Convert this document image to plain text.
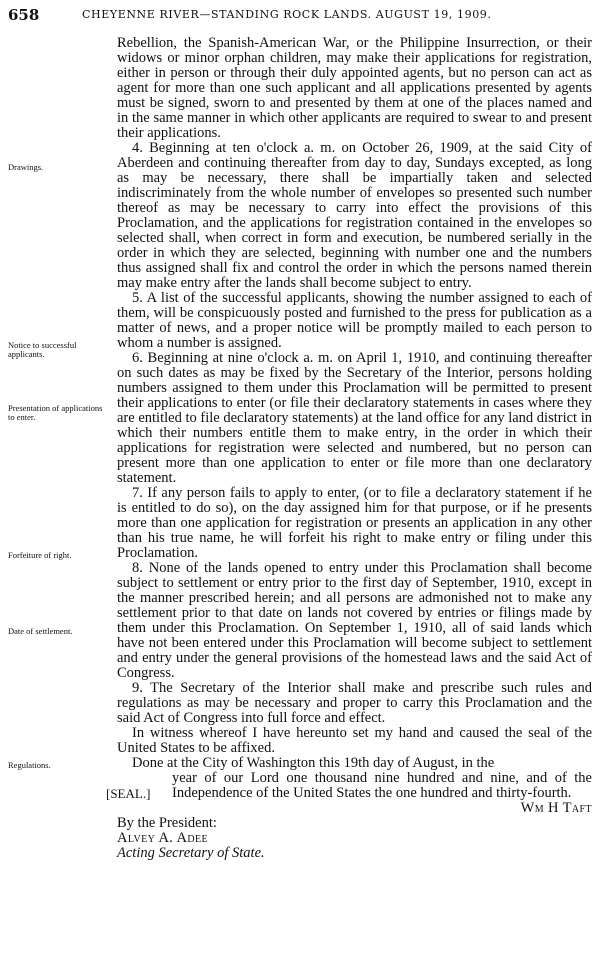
658	CHEYENNE RIVER—STANDING ROCK LANDS. AUGUST 19, 1909.
Drawings.
Notice to successful applicants.
Presentation of applications to enter.
Forfeiture of right.
Date of settlement.
Regulations.

Rebellion, the Spanish-American War, or the Philippine Insurrection, or their widows or minor orphan children, may make their applications for registration, either in person or through their duly appointed agents, but no person can act as agent for more than one such applicant and all applications presented by agents must be signed, sworn to and presented by them at one of the places named and in the same manner in which other applicants are required to swear to and present their applications.

4. Beginning at ten o'clock a. m. on October 26, 1909, at the said City of Aberdeen and continuing thereafter from day to day, Sundays excepted, as long as may be necessary, there shall be impartially taken and selected indiscriminately from the whole number of envelopes so presented such number thereof as may be necessary to carry into effect the provisions of this Proclamation, and the applications for registration contained in the envelopes so selected shall, when correct in form and execution, be numbered serially in the order in which they are selected, beginning with number one and the numbers thus assigned shall fix and control the order in which the persons named therein may make entry after the lands shall become subject to entry.

5. A list of the successful applicants, showing the number assigned to each of them, will be conspicuously posted and furnished to the press for publication as a matter of news, and a proper notice will be promptly mailed to each person to whom a number is assigned.

6. Beginning at nine o'clock a. m. on April 1, 1910, and continuing thereafter on such dates as may be fixed by the Secretary of the Interior, persons holding numbers assigned to them under this Proclamation will be permitted to present their applications to enter (or file their declaratory statements in cases where they are entitled to file declaratory statements) at the land office for any land district in which their numbers entitle them to make entry, in the order in which their applications for registration were selected and numbered, but no person can present more than one application to enter or file more than one declaratory statement.

7. If any person fails to apply to enter, (or to file a declaratory statement if he is entitled to do so), on the day assigned him for that purpose, or if he presents more than one application for registration or presents an application in any other than his true name, he will forfeit his right to make entry or filing under this Proclamation.

8. None of the lands opened to entry under this Proclamation shall become subject to settlement or entry prior to the first day of September, 1910, except in the manner prescribed herein; and all persons are admonished not to make any settlement prior to that date on lands not covered by entries or filings made by them under this Proclamation. On September 1, 1910, all of said lands which have not been entered under this Proclamation will become subject to settlement and entry under the general provisions of the homestead laws and the said Act of Congress.

9. The Secretary of the Interior shall make and prescribe such rules and regulations as may be necessary and proper to carry this Proclamation and the said Act of Congress into full force and effect.

In witness whereof I have hereunto set my hand and caused the seal of the United States to be affixed.

Done at the City of Washington this 19th day of August, in the

[SEAL.]

year of our Lord one thousand nine hundred and nine, and of the Independence of the United States the one hundred and thirty-fourth.

Wm H Taft

By the President:

Alvey A. Adee

Acting Secretary of State.
